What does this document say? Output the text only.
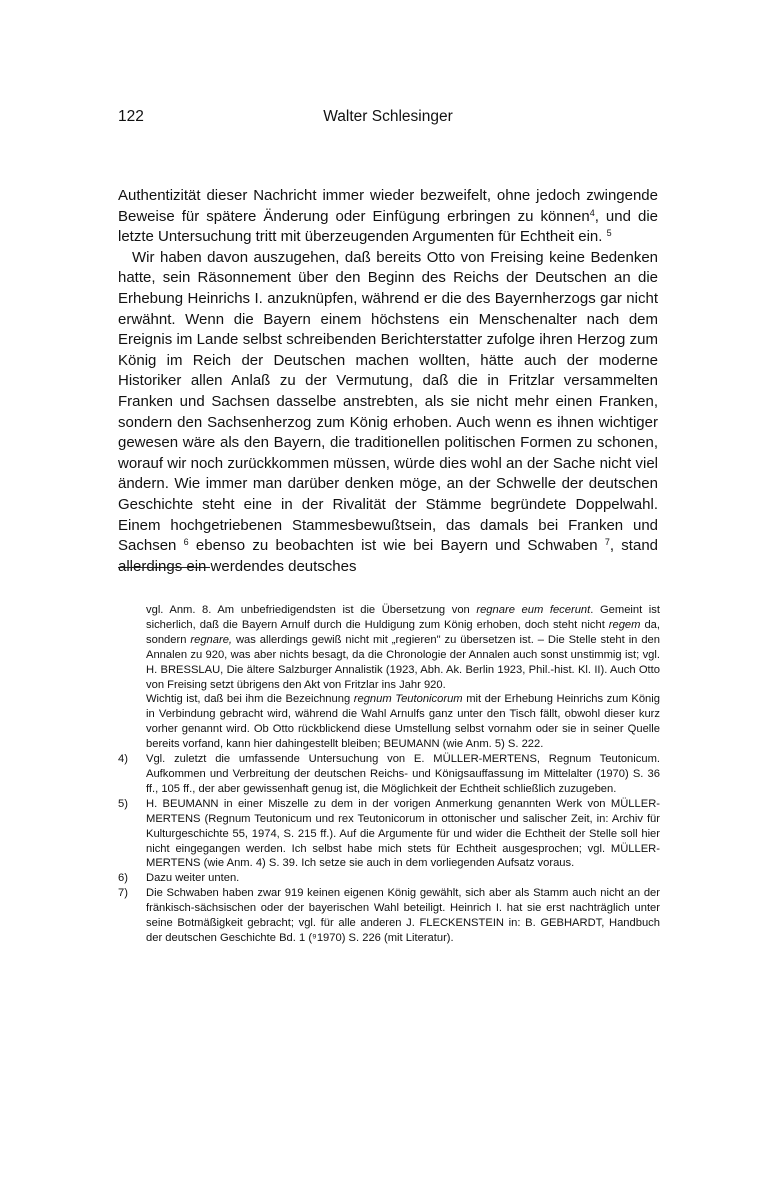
122	Walter Schlesinger

Authentizität dieser Nachricht immer wieder bezweifelt, ohne jedoch zwingende Beweise für spätere Änderung oder Einfügung erbringen zu können$^4$, und die letzte Untersuchung tritt mit überzeugenden Argumenten für Echtheit ein. $^5$

Wir haben davon auszugehen, daß bereits Otto von Freising keine Bedenken hatte, sein Räsonnement über den Beginn des Reichs der Deutschen an die Erhebung Heinrichs I. anzuknüpfen, während er die des Bayernherzogs gar nicht erwähnt. Wenn die Bayern einem höchstens ein Menschenalter nach dem Ereignis im Lande selbst schreibenden Berichterstatter zufolge ihren Herzog zum König im Reich der Deutschen machen wollten, hätte auch der moderne Historiker allen Anlaß zu der Vermutung, daß die in Fritzlar versammelten Franken und Sachsen dasselbe anstrebten, als sie nicht mehr einen Franken, sondern den Sachsenherzog zum König erhoben. Auch wenn es ihnen wichtiger gewesen wäre als den Bayern, die traditionellen politischen Formen zu schonen, worauf wir noch zurückkommen müssen, würde dies wohl an der Sache nicht viel ändern. Wie immer man darüber denken möge, an der Schwelle der deutschen Geschichte steht eine in der Rivalität der Stämme begründete Doppelwahl. Einem hochgetriebenen Stammesbewußtsein, das damals bei Franken und Sachsen $^6$ ebenso zu beobachten ist wie bei Bayern und Schwaben $^7$, stand allerdings ein werdendes deutsches

vgl. Anm. 8. Am unbefriedigendsten ist die Übersetzung von regnare eum fecerunt. Gemeint ist sicherlich, daß die Bayern Arnulf durch die Huldigung zum König erhoben, doch steht nicht regem da, sondern regnare, was allerdings gewiß nicht mit „regieren" zu übersetzen ist. – Die Stelle steht in den Annalen zu 920, was aber nichts besagt, da die Chronologie der Annalen auch sonst unstimmig ist; vgl. H. BRESSLAU, Die ältere Salzburger Annalistik (1923, Abh. Ak. Berlin 1923, Phil.-hist. Kl. II). Auch Otto von Freising setzt übrigens den Akt von Fritzlar ins Jahr 920.

Wichtig ist, daß bei ihm die Bezeichnung regnum Teutonicorum mit der Erhebung Heinrichs zum König in Verbindung gebracht wird, während die Wahl Arnulfs ganz unter den Tisch fällt, obwohl dieser kurz vorher genannt wird. Ob Otto rückblickend diese Umstellung selbst vornahm oder sie in seiner Quelle bereits vorfand, kann hier dahingestellt bleiben; BEUMANN (wie Anm. 5) S. 222.

4)	Vgl. zuletzt die umfassende Untersuchung von E. MÜLLER-MERTENS, Regnum Teutonicum. Aufkommen und Verbreitung der deutschen Reichs- und Königsauffassung im Mittelalter (1970) S. 36 ff., 105 ff., der aber gewissenhaft genug ist, die Möglichkeit der Echtheit schließlich zuzugeben.
5)	H. BEUMANN in einer Miszelle zu dem in der vorigen Anmerkung genannten Werk von MÜLLER-MERTENS (Regnum Teutonicum und rex Teutonicorum in ottonischer und salischer Zeit, in: Archiv für Kulturgeschichte 55, 1974, S. 215 ff.). Auf die Argumente für und wider die Echtheit der Stelle soll hier nicht eingegangen werden. Ich selbst habe mich stets für Echtheit ausgesprochen; vgl. MÜLLER-MERTENS (wie Anm. 4) S. 39. Ich setze sie auch in dem vorliegenden Aufsatz voraus.
6)	Dazu weiter unten.
7)	Die Schwaben haben zwar 919 keinen eigenen König gewählt, sich aber als Stamm auch nicht an der fränkisch-sächsischen oder der bayerischen Wahl beteiligt. Heinrich I. hat sie erst nachträglich unter seine Botmäßigkeit gebracht; vgl. für alle anderen J. FLECKENSTEIN in: B. GEBHARDT, Handbuch der deutschen Geschichte Bd. 1 (⁹1970) S. 226 (mit Literatur).
